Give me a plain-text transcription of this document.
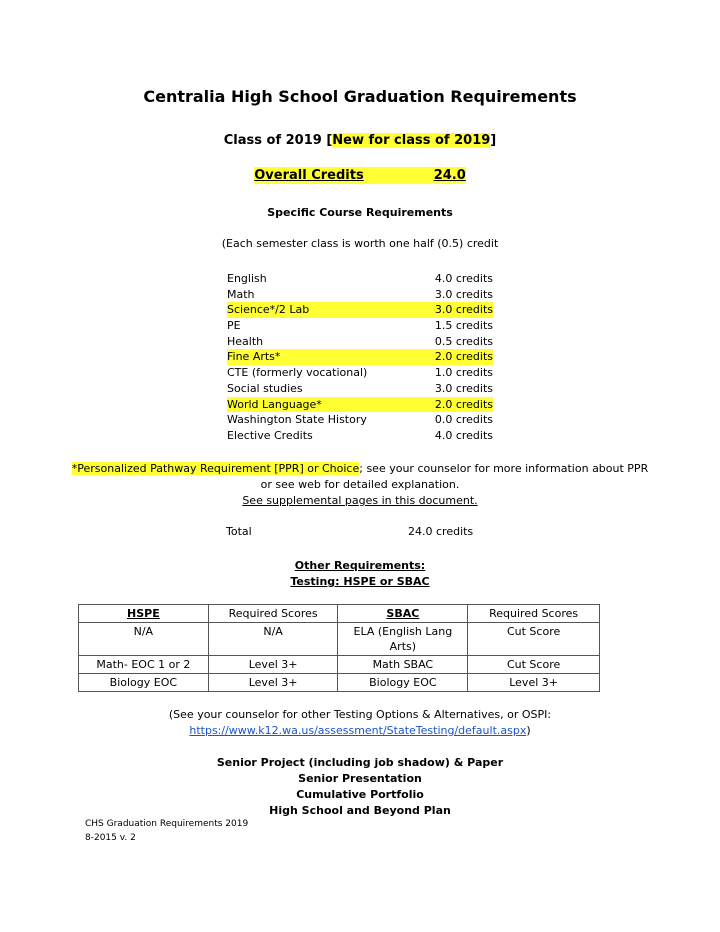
Centralia High School Graduation Requirements
Class of 2019 [New for class of 2019]
Overall Credits	24.0
Specific Course Requirements
(Each semester class is worth one half (0.5) credit
English	4.0 credits
Math	3.0 credits
Science*/2 Lab	3.0 credits
PE	1.5 credits
Health	0.5 credits
Fine Arts*	2.0 credits
CTE (formerly vocational)	1.0 credits
Social studies	3.0 credits
World Language*	2.0 credits
Washington State History	0.0 credits
Elective Credits	4.0 credits
*Personalized Pathway Requirement [PPR] or Choice; see your counselor for more information about PPR
or see web for detailed explanation.
See supplemental pages in this document.
Total	24.0 credits
Other Requirements:
Testing: HSPE or SBAC
HSPE	Required Scores	SBAC	Required Scores
N/A	N/A	ELA (English Lang Arts)	Cut Score
Math- EOC 1 or 2	Level 3+	Math SBAC	Cut Score
Biology EOC	Level 3+	Biology EOC	Level 3+
(See your counselor for other Testing Options & Alternatives, or OSPI:
https://www.k12.wa.us/assessment/StateTesting/default.aspx)
Senior Project (including job shadow) & Paper
Senior Presentation
Cumulative Portfolio
High School and Beyond Plan
CHS Graduation Requirements 2019
8-2015 v. 2
